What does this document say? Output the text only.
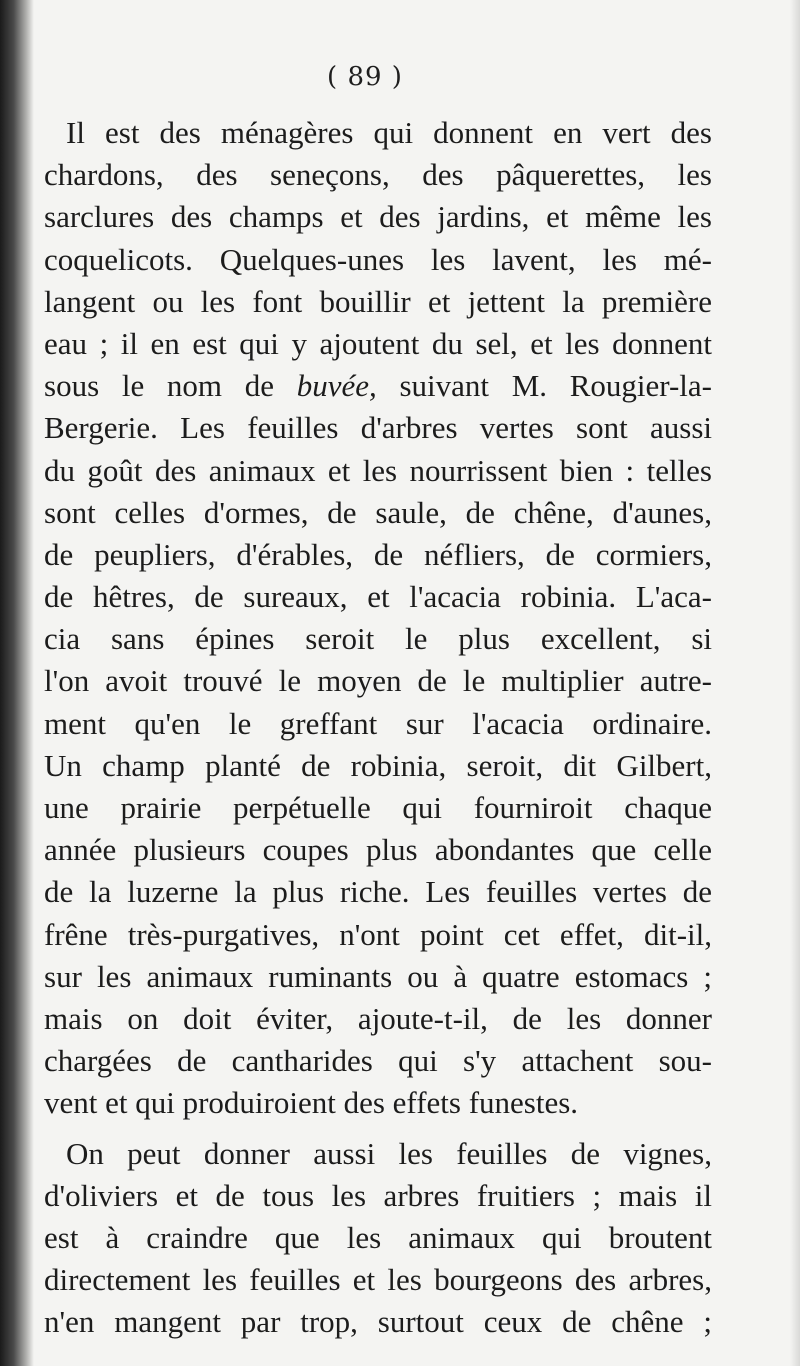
( 89 )
Il est des ménagères qui donnent en vert des
chardons, des seneçons, des pâquerettes, les
sarclures des champs et des jardins, et même les
coquelicots. Quelques-unes les lavent, les mé-
langent ou les font bouillir et jettent la première
eau ; il en est qui y ajoutent du sel, et les donnent
sous le nom de buvée, suivant M. Rougier-la-
Bergerie. Les feuilles d'arbres vertes sont aussi
du goût des animaux et les nourrissent bien : telles
sont celles d'ormes, de saule, de chêne, d'aunes,
de peupliers, d'érables, de néfliers, de cormiers,
de hêtres, de sureaux, et l'acacia robinia. L'aca-
cia sans épines seroit le plus excellent, si
l'on avoit trouvé le moyen de le multiplier autre-
ment qu'en le greffant sur l'acacia ordinaire.
Un champ planté de robinia, seroit, dit Gilbert,
une prairie perpétuelle qui fourniroit chaque
année plusieurs coupes plus abondantes que celle
de la luzerne la plus riche. Les feuilles vertes de
frêne très-purgatives, n'ont point cet effet, dit-il,
sur les animaux ruminants ou à quatre estomacs ;
mais on doit éviter, ajoute-t-il, de les donner
chargées de cantharides qui s'y attachent sou-
vent et qui produiroient des effets funestes.
On peut donner aussi les feuilles de vignes,
d'oliviers et de tous les arbres fruitiers ; mais il
est à craindre que les animaux qui broutent
directement les feuilles et les bourgeons des arbres,
n'en mangent par trop, surtout ceux de chêne ;
